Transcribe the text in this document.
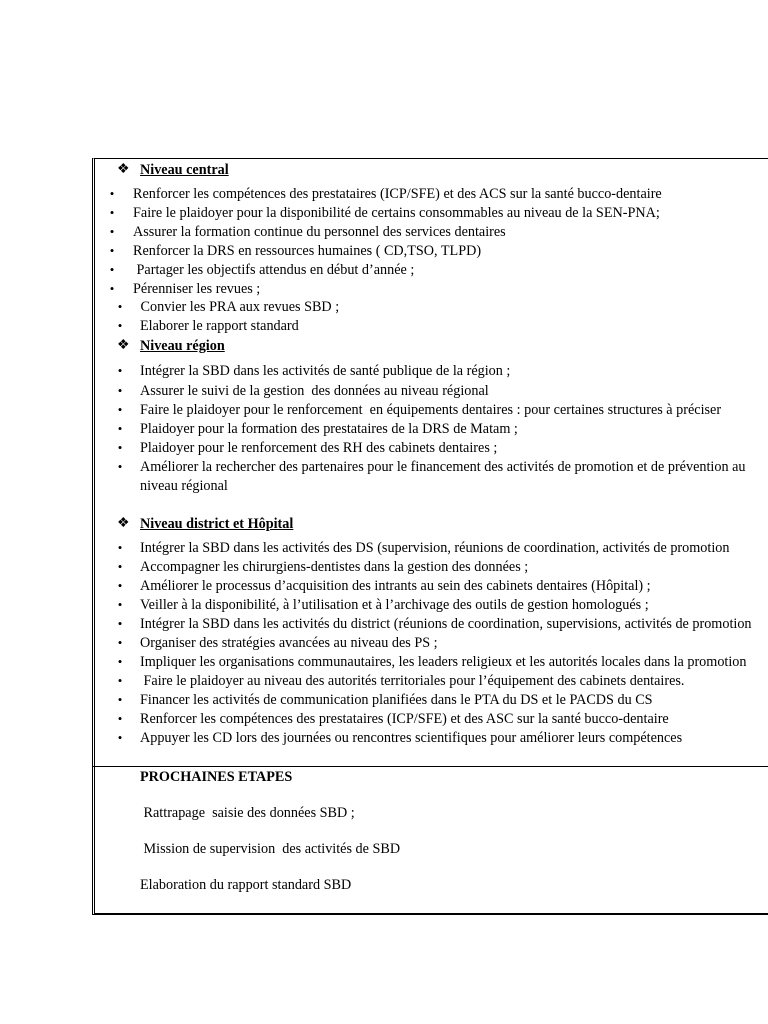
❖ Niveau central
• Renforcer les compétences des prestataires (ICP/SFE) et des ACS sur la santé bucco-dentaire
• Faire le plaidoyer pour la disponibilité de certains consommables au niveau de la SEN-PNA;
• Assurer la formation continue du personnel des services dentaires
• Renforcer la DRS en ressources humaines ( CD,TSO, TLPD)
• Partager les objectifs attendus en début d’année ;
• Pérenniser les revues ;
• Convier les PRA aux revues SBD ;
• Elaborer le rapport standard
❖ Niveau région
• Intégrer la SBD dans les activités de santé publique de la région ;
• Assurer le suivi de la gestion  des données au niveau régional
• Faire le plaidoyer pour le renforcement  en équipements dentaires : pour certaines structures à préciser
• Plaidoyer pour la formation des prestataires de la DRS de Matam ;
• Plaidoyer pour le renforcement des RH des cabinets dentaires ;
• Améliorer la rechercher des partenaires pour le financement des activités de promotion et de prévention au
niveau régional
❖ Niveau district et Hôpital
• Intégrer la SBD dans les activités des DS (supervision, réunions de coordination, activités de promotion
• Accompagner les chirurgiens-dentistes dans la gestion des données ;
• Améliorer le processus d’acquisition des intrants au sein des cabinets dentaires (Hôpital) ;
• Veiller à la disponibilité, à l’utilisation et à l’archivage des outils de gestion homologués ;
• Intégrer la SBD dans les activités du district (réunions de coordination, supervisions, activités de promotion
• Organiser des stratégies avancées au niveau des PS ;
• Impliquer les organisations communautaires, les leaders religieux et les autorités locales dans la promotion
• Faire le plaidoyer au niveau des autorités territoriales pour l’équipement des cabinets dentaires.
• Financer les activités de communication planifiées dans le PTA du DS et le PACDS du CS
• Renforcer les compétences des prestataires (ICP/SFE) et des ASC sur la santé bucco-dentaire
• Appuyer les CD lors des journées ou rencontres scientifiques pour améliorer leurs compétences
PROCHAINES ETAPES
Rattrapage  saisie des données SBD ;
Mission de supervision  des activités de SBD
Elaboration du rapport standard SBD
